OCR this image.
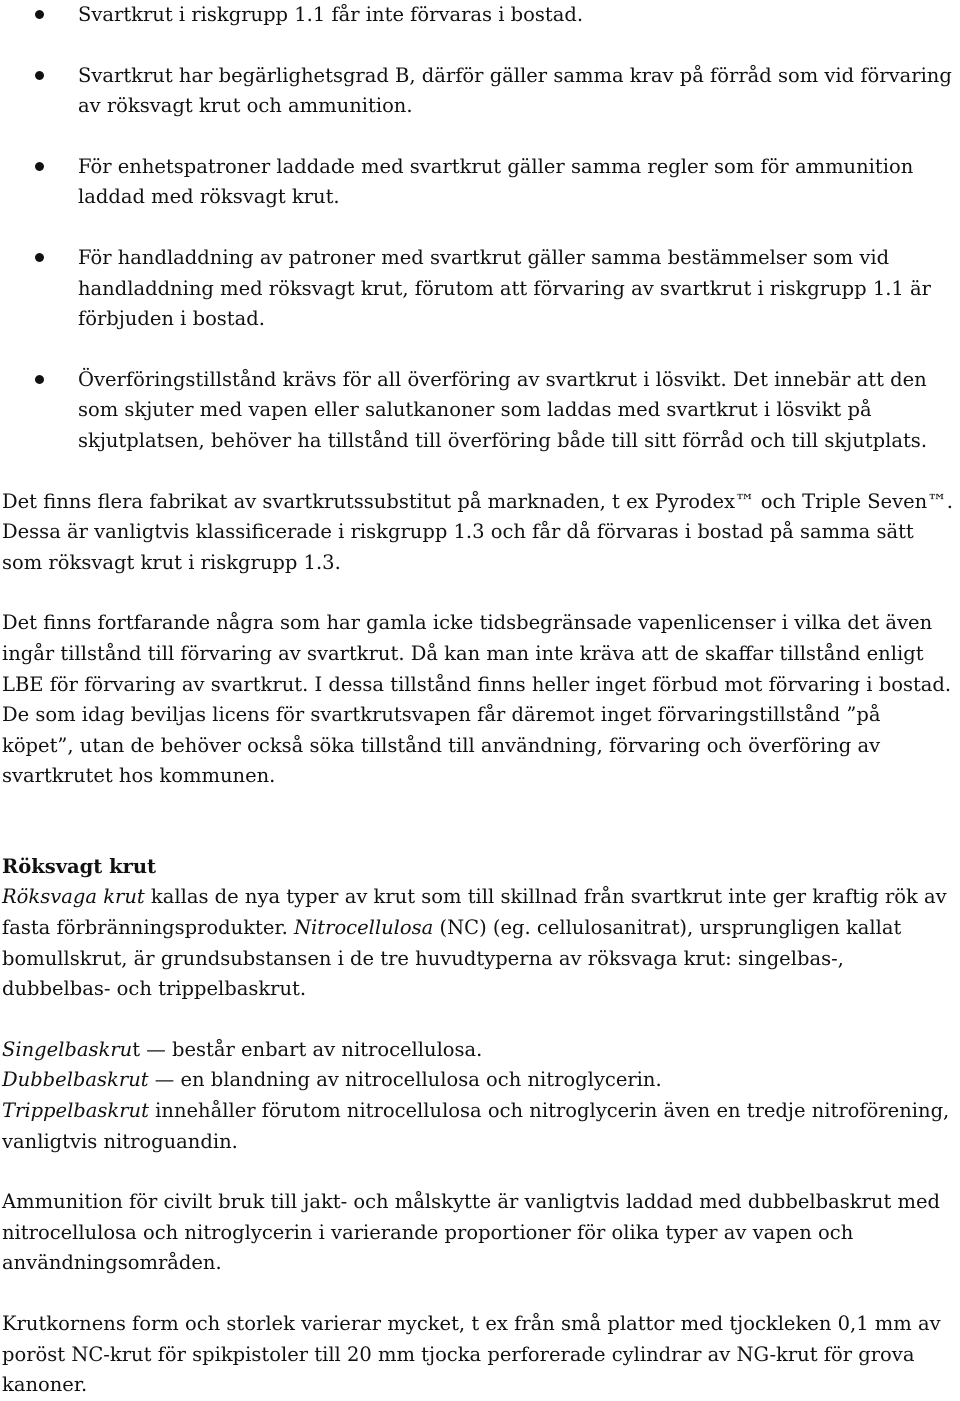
Svartkrut i riskgrupp 1.1 får inte förvaras i bostad.
Svartkrut har begärlighetsgrad B, därför gäller samma krav på förråd som vid förvaring av röksvagt krut och ammunition.
För enhetspatroner laddade med svartkrut gäller samma regler som för ammunition laddad med röksvagt krut.
För handladdning av patroner med svartkrut gäller samma bestämmelser som vid handladdning med röksvagt krut, förutom att förvaring av svartkrut i riskgrupp 1.1 är förbjuden i bostad.
Överföringstillstånd krävs för all överföring av svartkrut i lösvikt. Det innebär att den som skjuter med vapen eller salutkanoner som laddas med svartkrut i lösvikt på skjutplatsen, behöver ha tillstånd till överföring både till sitt förråd och till skjutplats.

Det finns flera fabrikat av svartkrutssubstitut på marknaden, t ex Pyrodex™ och Triple Seven™. Dessa är vanligtvis klassificerade i riskgrupp 1.3 och får då förvaras i bostad på samma sätt som röksvagt krut i riskgrupp 1.3.

Det finns fortfarande några som har gamla icke tidsbegränsade vapenlicenser i vilka det även ingår tillstånd till förvaring av svartkrut. Då kan man inte kräva att de skaffar tillstånd enligt LBE för förvaring av svartkrut. I dessa tillstånd finns heller inget förbud mot förvaring i bostad. De som idag beviljas licens för svartkrutsvapen får däremot inget förvaringstillstånd ”på köpet”, utan de behöver också söka tillstånd till användning, förvaring och överföring av svartkrutet hos kommunen.

Röksvagt krut

Röksvaga krut kallas de nya typer av krut som till skillnad från svartkrut inte ger kraftig rök av fasta förbränningsprodukter. Nitrocellulosa (NC) (eg. cellulosanitrat), ursprungligen kallat bomullskrut, är grundsubstansen i de tre huvudtyperna av röksvaga krut: singelbas-, dubbelbas- och trippelbaskrut.

Singelbaskrut — består enbart av nitrocellulosa.
Dubbelbaskrut — en blandning av nitrocellulosa och nitroglycerin.
Trippelbaskrut innehåller förutom nitrocellulosa och nitroglycerin även en tredje nitroförening, vanligtvis nitroguandin.

Ammunition för civilt bruk till jakt- och målskytte är vanligtvis laddad med dubbelbaskrut med nitrocellulosa och nitroglycerin i varierande proportioner för olika typer av vapen och användningsområden.

Krutkornens form och storlek varierar mycket, t ex från små plattor med tjockleken 0,1 mm av poröst NC-krut för spikpistoler till 20 mm tjocka perforerade cylindrar av NG-krut för grova kanoner.
